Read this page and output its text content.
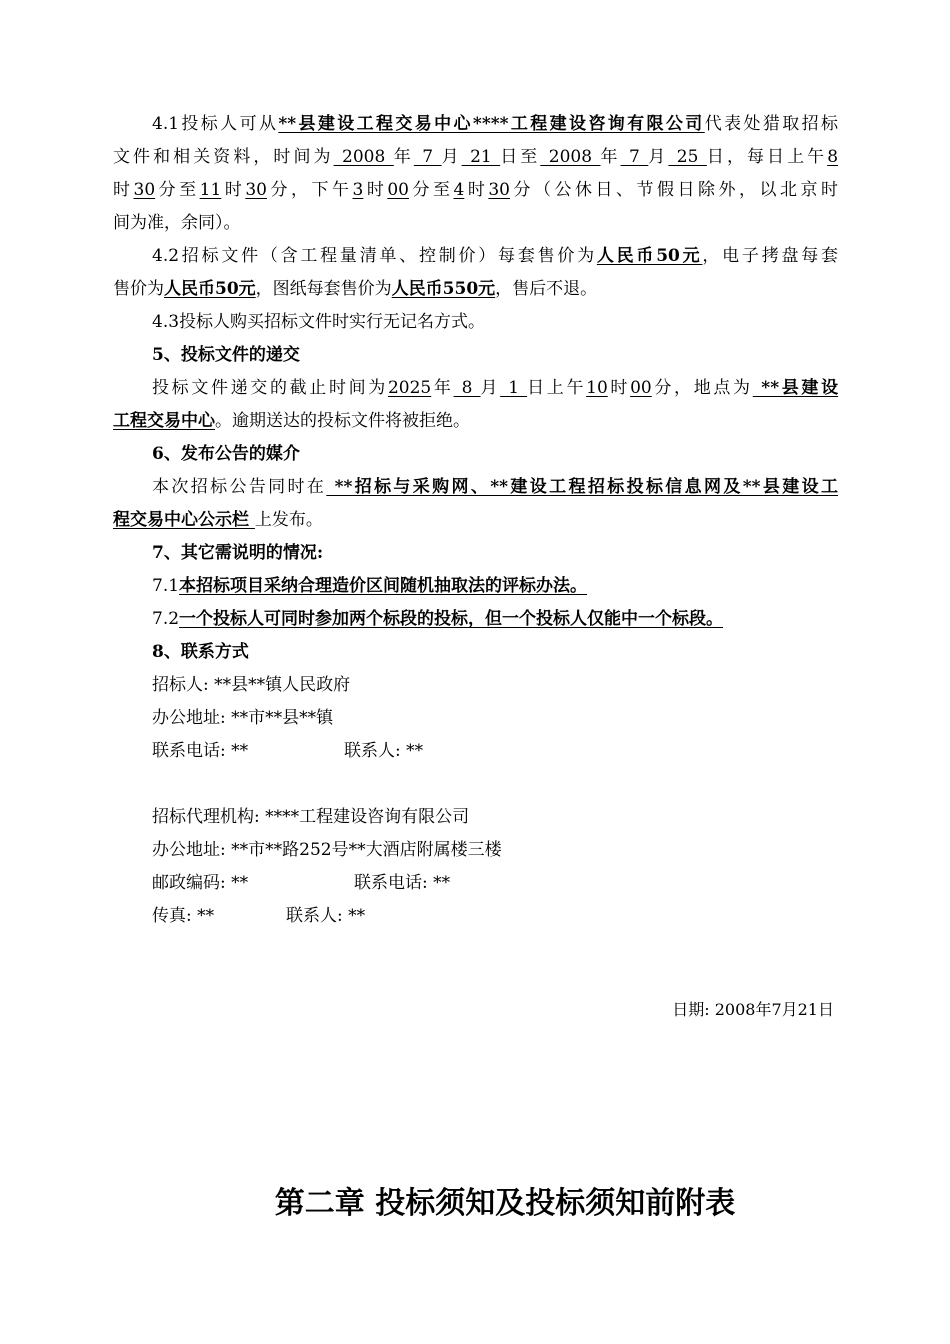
4.1投标人可从**县建设工程交易中心****工程建设咨询有限公司代表处猎取招标
文件和相关资料，时间为 2008 年 7 月 21 日至 2008 年 7 月 25 日，每日上午8
时30分至11时30分，下午3时00分至4时30分（公休日、节假日除外，以北京时
间为准，余同）。
4.2招标文件（含工程量清单、控制价）每套售价为人民币50元，电子拷盘每套
售价为人民币50元，图纸每套售价为人民币550元，售后不退。
4.3投标人购买招标文件时实行无记名方式。
5、投标文件的递交
投标文件递交的截止时间为2025年 8 月 1 日上午10时00分，地点为 **县建设
工程交易中心。逾期送达的投标文件将被拒绝。
6、发布公告的媒介
本次招标公告同时在 **招标与采购网、**建设工程招标投标信息网及**县建设工
程交易中心公示栏 上发布。
7、其它需说明的情况:
7.1本招标项目采纳合理造价区间随机抽取法的评标办法。
7.2一个投标人可同时参加两个标段的投标，但一个投标人仅能中一个标段。
8、联系方式
招标人: **县**镇人民政府
办公地址: **市**县**镇
联系电话: **	联系人: **
招标代理机构: ****工程建设咨询有限公司
办公地址: **市**路252号**大酒店附属楼三楼
邮政编码: **	联系电话: **
传真: **	联系人: **
日期: 2008年7月21日
第二章 投标须知及投标须知前附表
